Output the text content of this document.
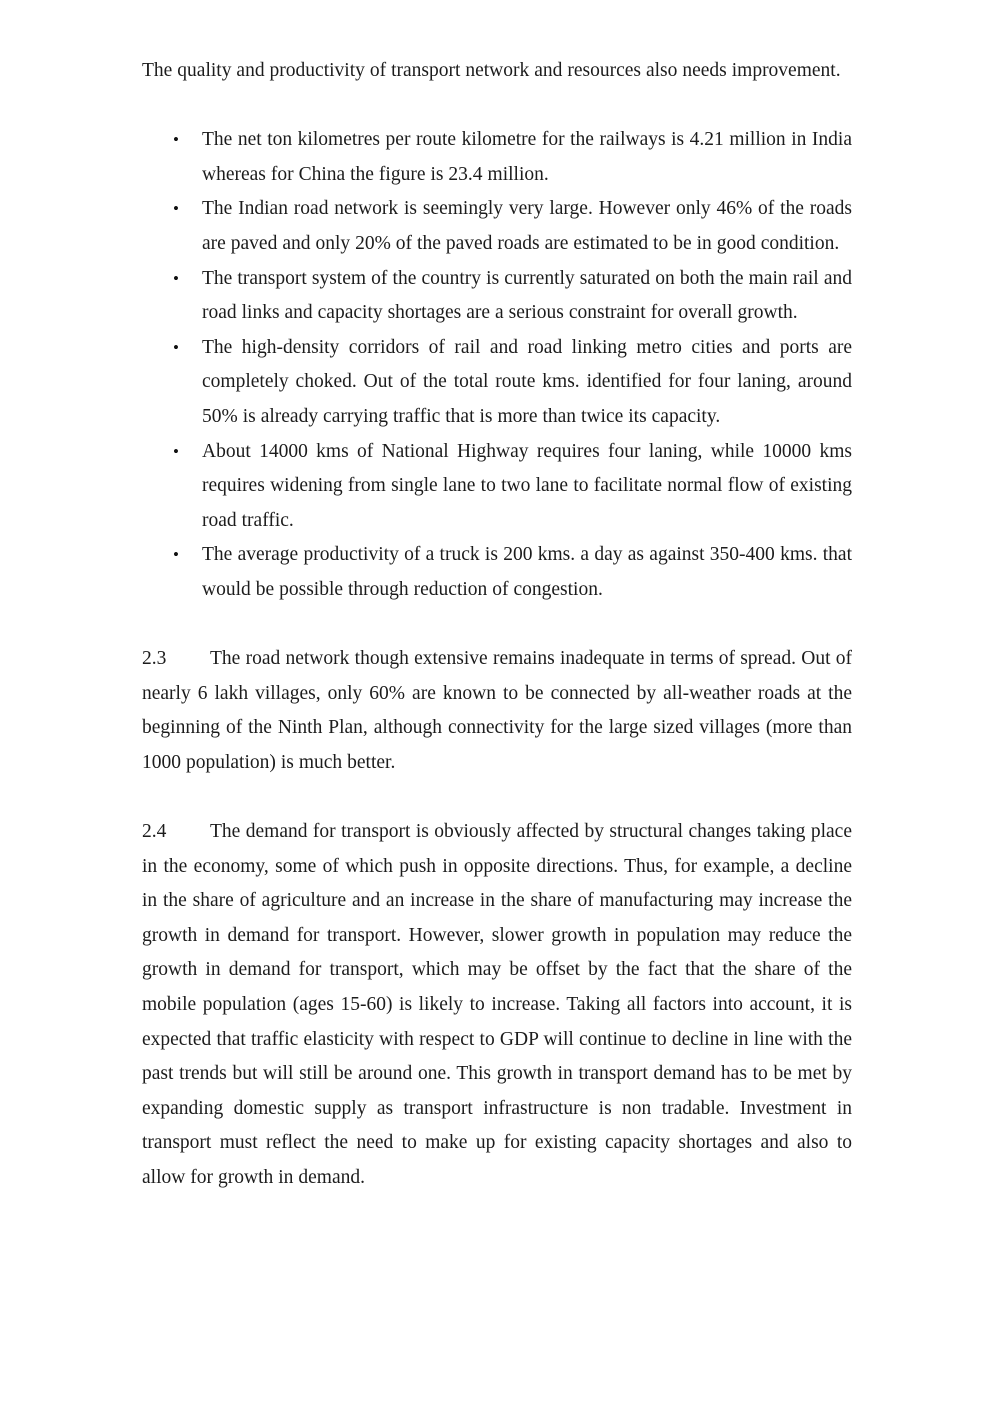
The quality and productivity of transport network and resources also needs improvement.

•	The net ton kilometres per route kilometre for the railways is 4.21 million in India whereas for China the figure is 23.4 million.
•	The Indian road network is seemingly very large. However only 46% of the roads are paved and only 20% of the paved roads are estimated to be in good condition.
•	The transport system of the country is currently saturated on both the main rail and road links and capacity shortages are a serious constraint for overall growth.
•	The high-density corridors of rail and road linking metro cities and ports are completely choked. Out of the total route kms. identified for four laning, around 50% is already carrying traffic that is more than twice its capacity.
•	About 14000 kms of National Highway requires four laning, while 10000 kms requires widening from single lane to two lane to facilitate normal flow of existing road traffic.
•	The average productivity of a truck is 200 kms. a day as against 350-400 kms. that would be possible through reduction of congestion.

2.3 The road network though extensive remains inadequate in terms of spread. Out of nearly 6 lakh villages, only 60% are known to be connected by all-weather roads at the beginning of the Ninth Plan, although connectivity for the large sized villages (more than 1000 population) is much better.

2.4 The demand for transport is obviously affected by structural changes taking place in the economy, some of which push in opposite directions. Thus, for example, a decline in the share of agriculture and an increase in the share of manufacturing may increase the growth in demand for transport. However, slower growth in population may reduce the growth in demand for transport, which may be offset by the fact that the share of the mobile population (ages 15-60) is likely to increase. Taking all factors into account, it is expected that traffic elasticity with respect to GDP will continue to decline in line with the past trends but will still be around one. This growth in transport demand has to be met by expanding domestic supply as transport infrastructure is non tradable. Investment in transport must reflect the need to make up for existing capacity shortages and also to allow for growth in demand.
